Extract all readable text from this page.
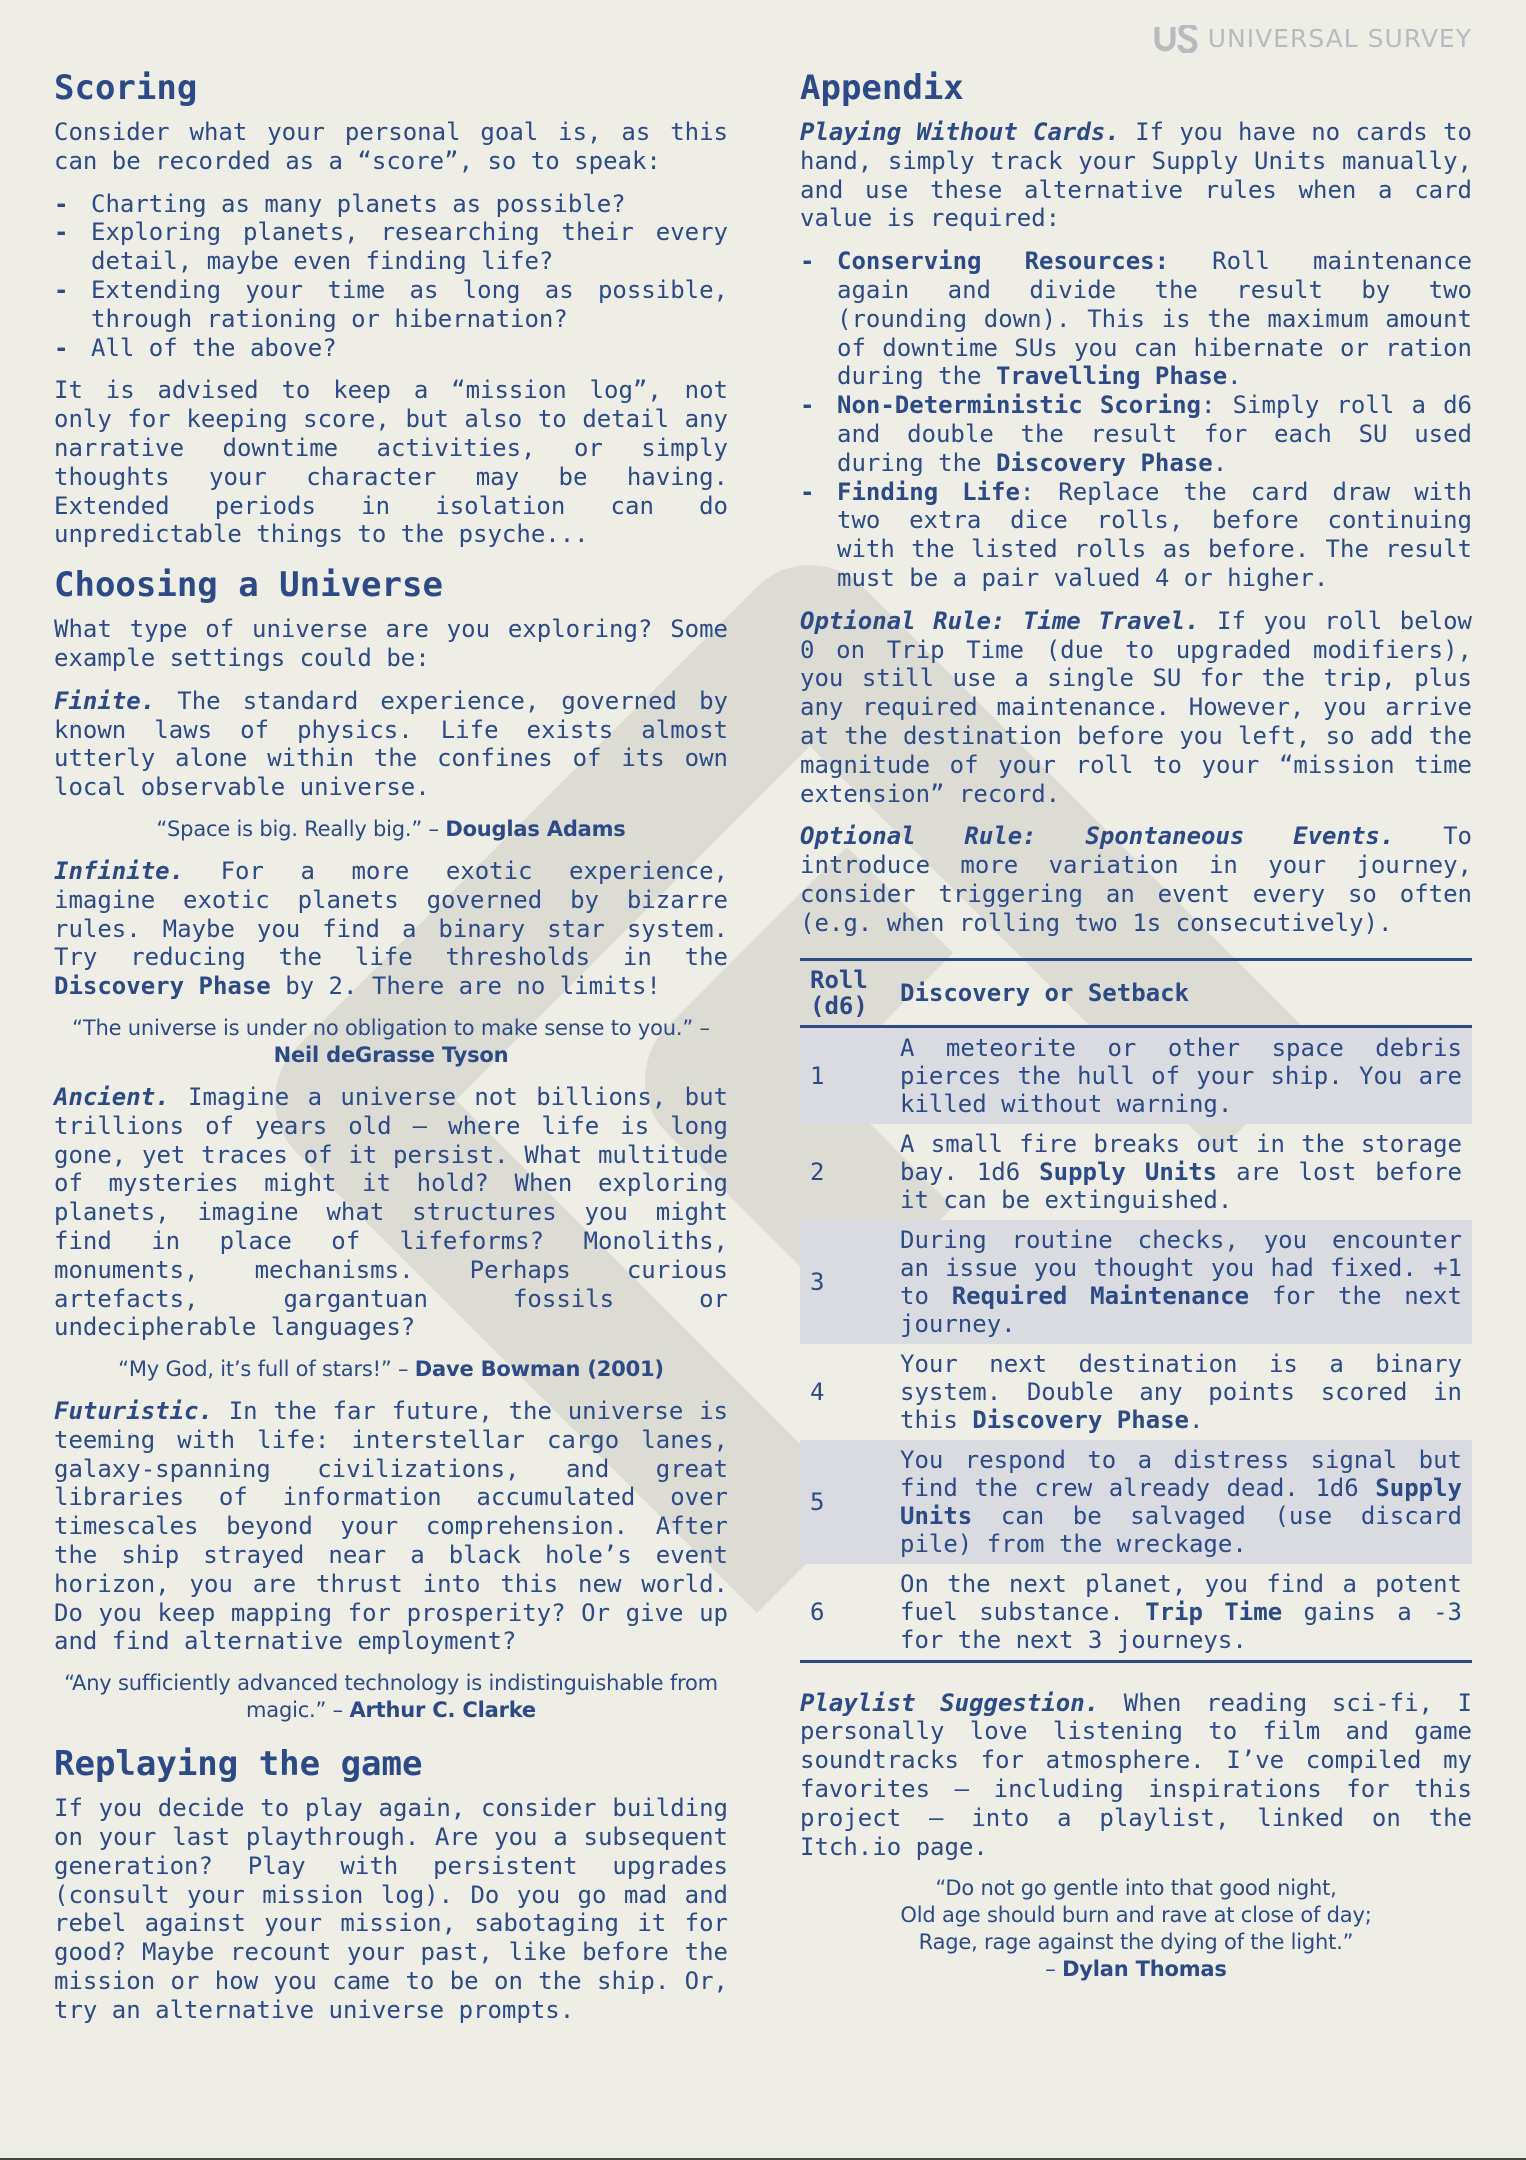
UNIVERSAL SURVEY
Scoring

Consider what your personal goal is, as this can be recorded as a “score”, so to speak:

- Charting as many planets as possible?
- Exploring planets, researching their every detail, maybe even finding life?
- Extending your time as long as possible, through rationing or hibernation?
- All of the above?

It is advised to keep a “mission log”, not only for keeping score, but also to detail any narrative downtime activities, or simply thoughts your character may be having. Extended periods in isolation can do unpredictable things to the psyche...

Choosing a Universe

What type of universe are you exploring? Some example settings could be:

Finite. The standard experience, governed by known laws of physics. Life exists almost utterly alone within the confines of its own local observable universe.

“Space is big. Really big.” – Douglas Adams

Infinite. For a more exotic experience, imagine exotic planets governed by bizarre rules. Maybe you find a binary star system. Try reducing the life thresholds in the Discovery Phase by 2. There are no limits!

“The universe is under no obligation to make sense to you.” – Neil deGrasse Tyson

Ancient. Imagine a universe not billions, but trillions of years old – where life is long gone, yet traces of it persist. What multitude of mysteries might it hold? When exploring planets, imagine what structures you might find in place of lifeforms? Monoliths, monuments, mechanisms. Perhaps curious artefacts, gargantuan fossils or undecipherable languages?

“My God, it’s full of stars!” – Dave Bowman (2001)

Futuristic. In the far future, the universe is teeming with life: interstellar cargo lanes, galaxy-spanning civilizations, and great libraries of information accumulated over timescales beyond your comprehension. After the ship strayed near a black hole’s event horizon, you are thrust into this new world. Do you keep mapping for prosperity? Or give up and find alternative employment?

“Any sufficiently advanced technology is indistinguishable from magic.” – Arthur C. Clarke
Replaying the game

If you decide to play again, consider building on your last playthrough. Are you a subsequent generation? Play with persistent upgrades (consult your mission log). Do you go mad and rebel against your mission, sabotaging it for good? Maybe recount your past, like before the mission or how you came to be on the ship. Or, try an alternative universe prompts.

Appendix

Playing Without Cards. If you have no cards to hand, simply track your Supply Units manually, and use these alternative rules when a card value is required:

- Conserving Resources: Roll maintenance again and divide the result by two (rounding down). This is the maximum amount of downtime SUs you can hibernate or ration during the Travelling Phase.
- Non-Deterministic Scoring: Simply roll a d6 and double the result for each SU used during the Discovery Phase.
- Finding Life: Replace the card draw with two extra dice rolls, before continuing with the listed rolls as before. The result must be a pair valued 4 or higher.

Optional Rule: Time Travel. If you roll below 0 on Trip Time (due to upgraded modifiers), you still use a single SU for the trip, plus any required maintenance. However, you arrive at the destination before you left, so add the magnitude of your roll to your “mission time extension” record.

Optional Rule: Spontaneous Events. To introduce more variation in your journey, consider triggering an event every so often (e.g. when rolling two 1s consecutively).

Roll (d6)	Discovery or Setback
1	A meteorite or other space debris pierces the hull of your ship. You are killed without warning.
2	A small fire breaks out in the storage bay. 1d6 Supply Units are lost before it can be extinguished.
3	During routine checks, you encounter an issue you thought you had fixed. +1 to Required Maintenance for the next journey.
4	Your next destination is a binary system. Double any points scored in this Discovery Phase.
5	You respond to a distress signal but find the crew already dead. 1d6 Supply Units can be salvaged (use discard pile) from the wreckage.
6	On the next planet, you find a potent fuel substance. Trip Time gains a -3 for the next 3 journeys.

Playlist Suggestion. When reading sci-fi, I personally love listening to film and game soundtracks for atmosphere. I’ve compiled my favorites – including inspirations for this project – into a playlist, linked on the Itch.io page.

“Do not go gentle into that good night,
Old age should burn and rave at close of day;
Rage, rage against the dying of the light.”
– Dylan Thomas
